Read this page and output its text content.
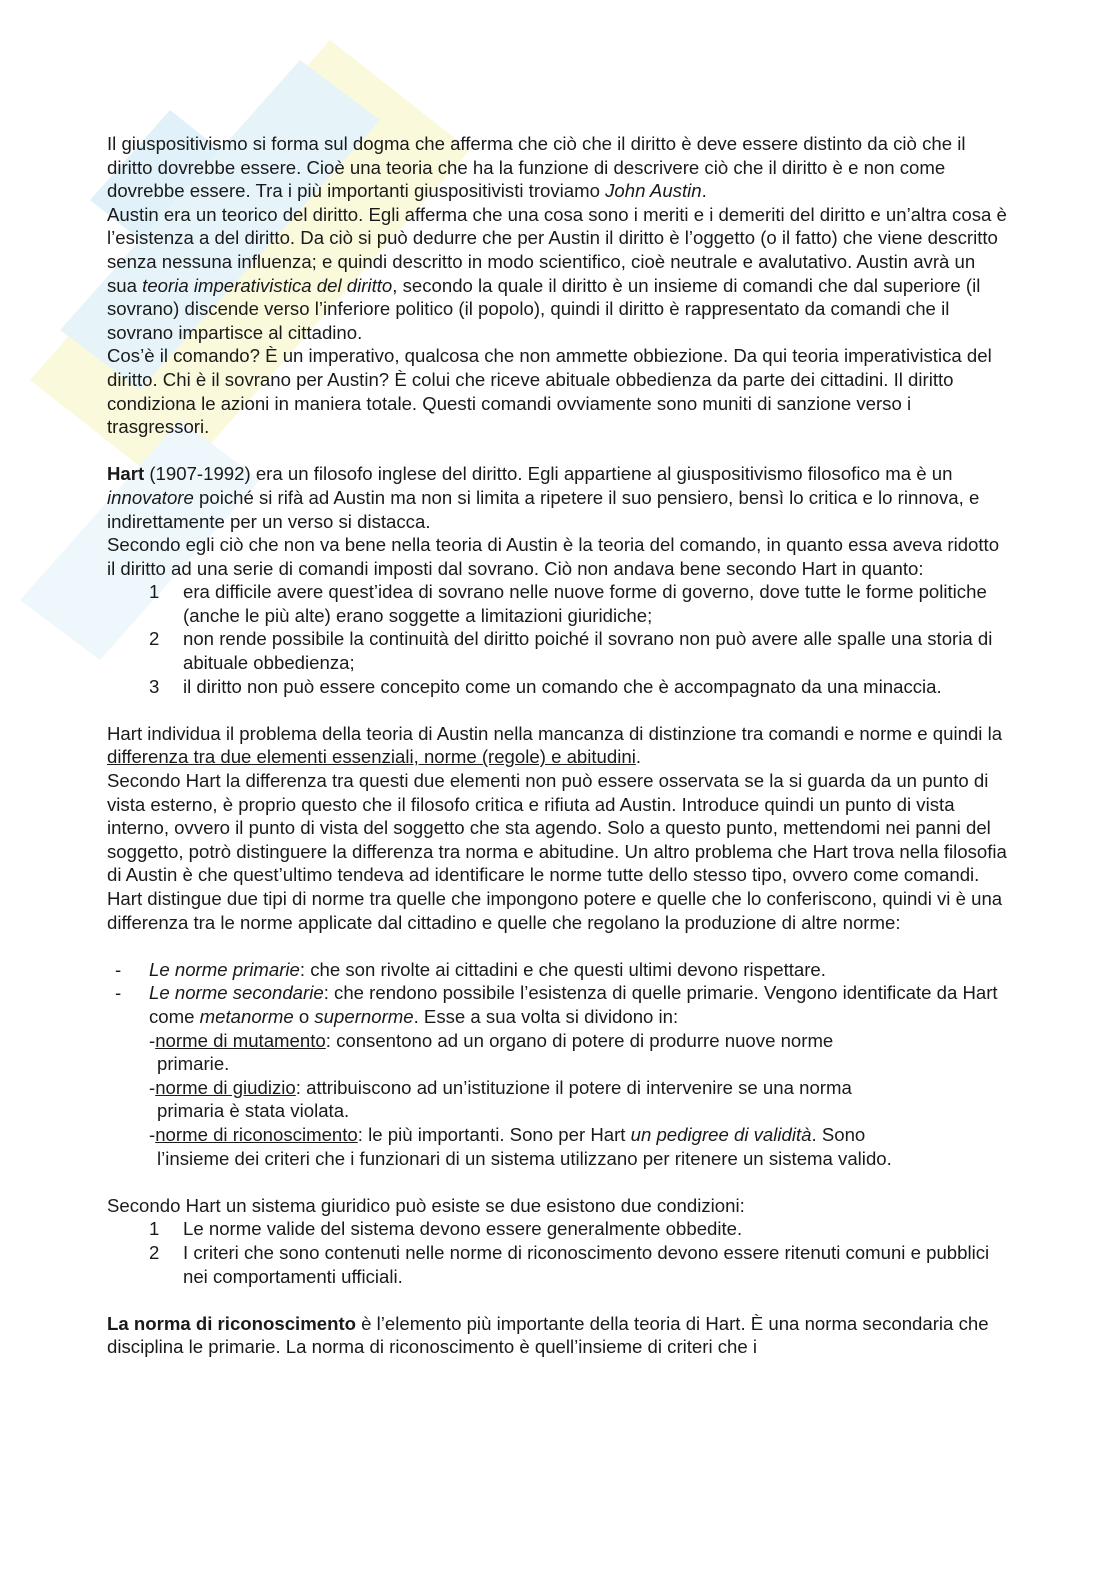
Il giuspositivismo si forma sul dogma che afferma che ciò che il diritto è deve essere distinto da ciò che il diritto dovrebbe essere. Cioè una teoria che ha la funzione di descrivere ciò che il diritto è e non come dovrebbe essere. Tra i più importanti giuspositivisti troviamo John Austin.

Austin era un teorico del diritto. Egli afferma che una cosa sono i meriti e i demeriti del diritto e un’altra cosa è l’esistenza a del diritto. Da ciò si può dedurre che per Austin il diritto è l’oggetto (o il fatto) che viene descritto senza nessuna influenza; e quindi descritto in modo scientifico, cioè neutrale e avalutativo. Austin avrà un sua teoria imperativistica del diritto, secondo la quale il diritto è un insieme di comandi che dal superiore (il sovrano) discende verso l’inferiore politico (il popolo), quindi il diritto è rappresentato da comandi che il sovrano impartisce al cittadino.

Cos’è il comando? È un imperativo, qualcosa che non ammette obbiezione. Da qui teoria imperativistica del diritto. Chi è il sovrano per Austin? È colui che riceve abituale obbedienza da parte dei cittadini. Il diritto condiziona le azioni in maniera totale. Questi comandi ovviamente sono muniti di sanzione verso i trasgressori.

Hart (1907-1992) era un filosofo inglese del diritto. Egli appartiene al giuspositivismo filosofico ma è un innovatore poiché si rifà ad Austin ma non si limita a ripetere il suo pensiero, bensì lo critica e lo rinnova, e indirettamente per un verso si distacca.

Secondo egli ciò che non va bene nella teoria di Austin è la teoria del comando, in quanto essa aveva ridotto il diritto ad una serie di comandi imposti dal sovrano. Ciò non andava bene secondo Hart in quanto:

1 era difficile avere quest’idea di sovrano nelle nuove forme di governo, dove tutte le forme politiche (anche le più alte) erano soggette a limitazioni giuridiche;
2 non rende possibile la continuità del diritto poiché il sovrano non può avere alle spalle una storia di abituale obbedienza;
3 il diritto non può essere concepito come un comando che è accompagnato da una minaccia.

Hart individua il problema della teoria di Austin nella mancanza di distinzione tra comandi e norme e quindi la differenza tra due elementi essenziali, norme (regole) e abitudini.

Secondo Hart la differenza tra questi due elementi non può essere osservata se la si guarda da un punto di vista esterno, è proprio questo che il filosofo critica e rifiuta ad Austin. Introduce quindi un punto di vista interno, ovvero il punto di vista del soggetto che sta agendo. Solo a questo punto, mettendomi nei panni del soggetto, potrò distinguere la differenza tra norma e abitudine. Un altro problema che Hart trova nella filosofia di Austin è che quest’ultimo tendeva ad identificare le norme tutte dello stesso tipo, ovvero come comandi. Hart distingue due tipi di norme tra quelle che impongono potere e quelle che lo conferiscono, quindi vi è una differenza tra le norme applicate dal cittadino e quelle che regolano la produzione di altre norme:

- Le norme primarie: che son rivolte ai cittadini e che questi ultimi devono rispettare.
- Le norme secondarie: che rendono possibile l’esistenza di quelle primarie. Vengono identificate da Hart come metanorme o supernorme. Esse a sua volta si dividono in:
-norme di mutamento: consentono ad un organo di potere di produrre nuove norme
primarie.
-norme di giudizio: attribuiscono ad un’istituzione il potere di intervenire se una norma
primaria è stata violata.
-norme di riconoscimento: le più importanti. Sono per Hart un pedigree di validità. Sono
l’insieme dei criteri che i funzionari di un sistema utilizzano per ritenere un sistema valido.

Secondo Hart un sistema giuridico può esiste se due esistono due condizioni:

1 Le norme valide del sistema devono essere generalmente obbedite.
2 I criteri che sono contenuti nelle norme di riconoscimento devono essere ritenuti comuni e pubblici nei comportamenti ufficiali.

La norma di riconoscimento è l’elemento più importante della teoria di Hart. È una norma secondaria che disciplina le primarie. La norma di riconoscimento è quell’insieme di criteri che i
